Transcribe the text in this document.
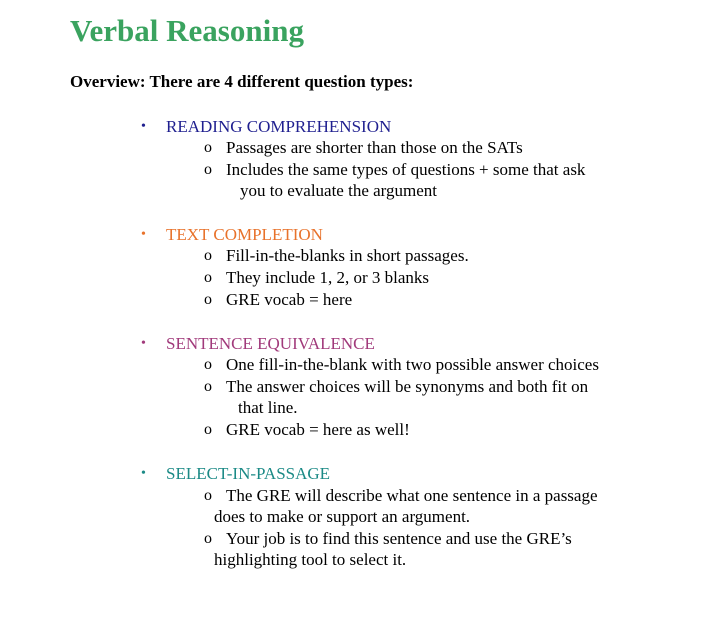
Verbal Reasoning
Overview: There are 4 different question types:
• READING COMPREHENSION
o Passages are shorter than those on the SATs
o Includes the same types of questions + some that ask
you to evaluate the argument
• TEXT COMPLETION
o Fill-in-the-blanks in short passages.
o They include 1, 2, or 3 blanks
o GRE vocab = here
• SENTENCE EQUIVALENCE
o One fill-in-the-blank with two possible answer choices
o The answer choices will be synonyms and both fit on
that line.
o GRE vocab = here as well!
• SELECT-IN-PASSAGE
o The GRE will describe what one sentence in a passage
does to make or support an argument.
o Your job is to find this sentence and use the GRE’s
highlighting tool to select it.
